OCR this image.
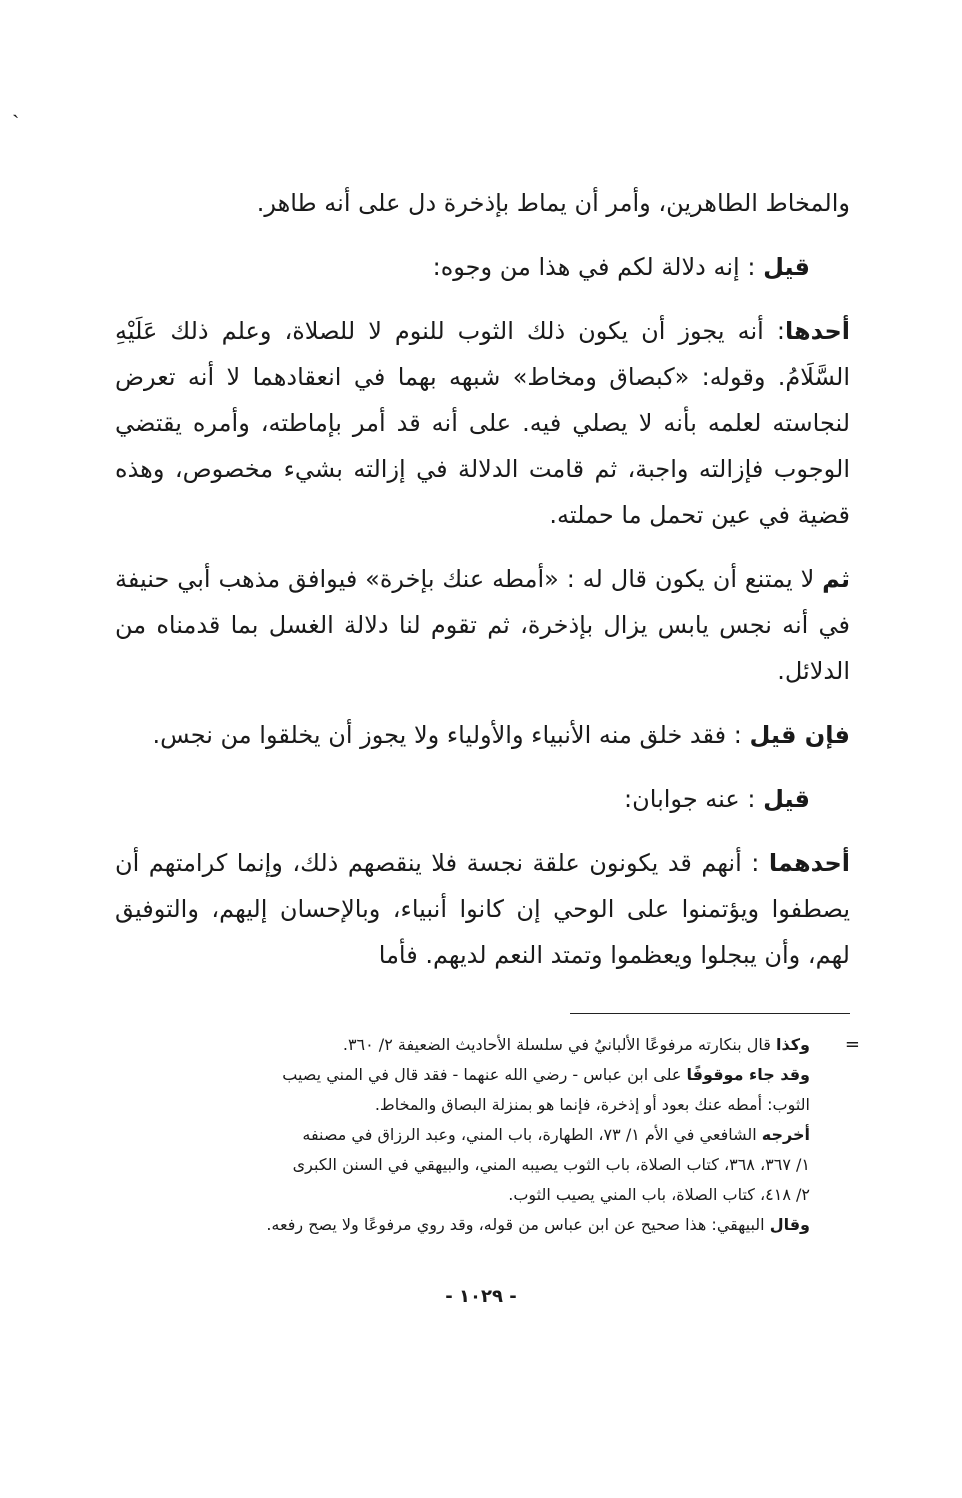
ˎ

والمخاط الطاهرين، وأمر أن يماط بإذخرة دل على أنه طاهر.

قيل : إنه دلالة لكم في هذا من وجوه:

أحدها: أنه يجوز أن يكون ذلك الثوب للنوم لا للصلاة، وعلم ذلك عَلَيْهِ السَّلَامُ. وقوله: «كبصاق ومخاط» شبهه بهما في انعقادهما لا أنه تعرض لنجاسته لعلمه بأنه لا يصلي فيه. على أنه قد أمر بإماطته، وأمره يقتضي الوجوب فإزالته واجبة، ثم قامت الدلالة في إزالته بشيء مخصوص، وهذه قضية في عين تحمل ما حملته.

ثم لا يمتنع أن يكون قال له : «أمطه عنك بإخرة» فيوافق مذهب أبي حنيفة في أنه نجس يابس يزال بإذخرة، ثم تقوم لنا دلالة الغسل بما قدمناه من الدلائل.

فإن قيل : فقد خلق منه الأنبياء والأولياء ولا يجوز أن يخلقوا من نجس.

قيل : عنه جوابان:

أحدهما : أنهم قد يكونون علقة نجسة فلا ينقصهم ذلك، وإنما كرامتهم أن يصطفوا ويؤتمنوا على الوحي إن كانوا أنبياء، وبالإحسان إليهم، والتوفيق لهم، وأن يبجلوا ويعظموا وتمتد النعم لديهم. فأما

=

وكذا قال بنكارته مرفوعًا الألبانيُ في سلسلة الأحاديث الضعيفة ٢/ ٣٦٠.

وقد جاء موقوفًا على ابن عباس - رضي الله عنهما - فقد قال في المني يصيب

الثوب: أمطه عنك بعود أو إذخرة، فإنما هو بمنزلة البصاق والمخاط.

أخرجه الشافعي في الأم ١/ ٧٣، الطهارة، باب المني، وعبد الرزاق في مصنفه

١/ ٣٦٧، ٣٦٨، كتاب الصلاة، باب الثوب يصيبه المني، والبيهقي في السنن الكبرى

٢/ ٤١٨، كتاب الصلاة، باب المني يصيب الثوب.

وقال البيهقي: هذا صحيح عن ابن عباس من قوله، وقد روي مرفوعًا ولا يصح رفعه.

- ١٠٢٩ -
